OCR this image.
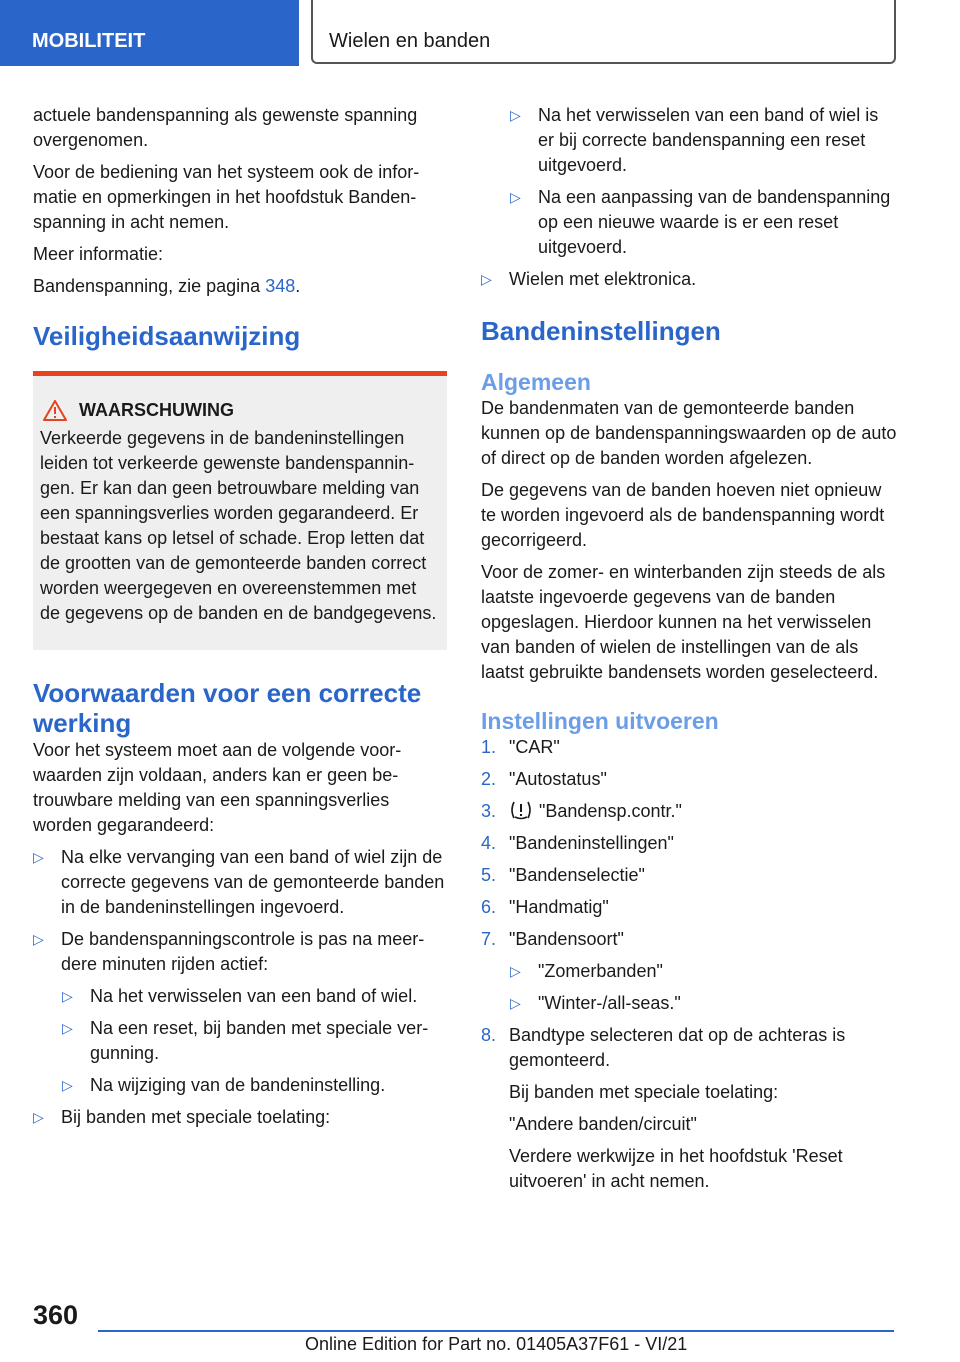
MOBILITEIT	Wielen en banden

actuele bandenspanning als gewenste spanning overgenomen.

Voor de bediening van het systeem ook de informatie en opmerkingen in het hoofdstuk Bandenspanning in acht nemen.

Meer informatie:

Bandenspanning, zie pagina 348.

Veiligheidsaanwijzing
WAARSCHUWING
Verkeerde gegevens in de bandeninstellingen leiden tot verkeerde gewenste bandenspanningen. Er kan dan geen betrouwbare melding van een spanningsverlies worden gegarandeerd. Er bestaat kans op letsel of schade. Erop letten dat de grootten van de gemonteerde banden correct worden weergegeven en overeenstemmen met de gegevens op de banden en de bandgegevens.
Voorwaarden voor een correcte werking

Voor het systeem moet aan de volgende voorwaarden zijn voldaan, anders kan er geen betrouwbare melding van een spanningsverlies worden gegarandeerd:

▷ Na elke vervanging van een band of wiel zijn de correcte gegevens van de gemonteerde banden in de bandeninstellingen ingevoerd.
▷ De bandenspanningscontrole is pas na meerdere minuten rijden actief:
▷ Na het verwisselen van een band of wiel.
▷ Na een reset, bij banden met speciale vergunning.
▷ Na wijziging van de bandeninstelling.
▷ Bij banden met speciale toelating:
▷ Na het verwisselen van een band of wiel is er bij correcte bandenspanning een reset uitgevoerd.
▷ Na een aanpassing van de bandenspanning op een nieuwe waarde is er een reset uitgevoerd.
▷ Wielen met elektronica.
Bandeninstellingen
Algemeen

De bandenmaten van de gemonteerde banden kunnen op de bandenspanningswaarden op de auto of direct op de banden worden afgelezen.

De gegevens van de banden hoeven niet opnieuw te worden ingevoerd als de bandenspanning wordt gecorrigeerd.

Voor de zomer- en winterbanden zijn steeds de als laatste ingevoerde gegevens van de banden opgeslagen. Hierdoor kunnen na het verwisselen van banden of wielen de instellingen van de als laatst gebruikte bandensets worden geselecteerd.

Instellingen uitvoeren
1. "CAR"
2. "Autostatus"
3.	"Bandensp.contr."
4. "Bandeninstellingen"
5. "Bandenselectie"
6. "Handmatig"
7. "Bandensoort"
▷ "Zomerbanden"
▷ "Winter-/all-seas."
8. Bandtype selecteren dat op de achteras is gemonteerd.

Bij banden met speciale toelating:

"Andere banden/circuit"

Verdere werkwijze in het hoofdstuk 'Reset uitvoeren' in acht nemen.

360
Online Edition for Part no. 01405A37F61 - VI/21
